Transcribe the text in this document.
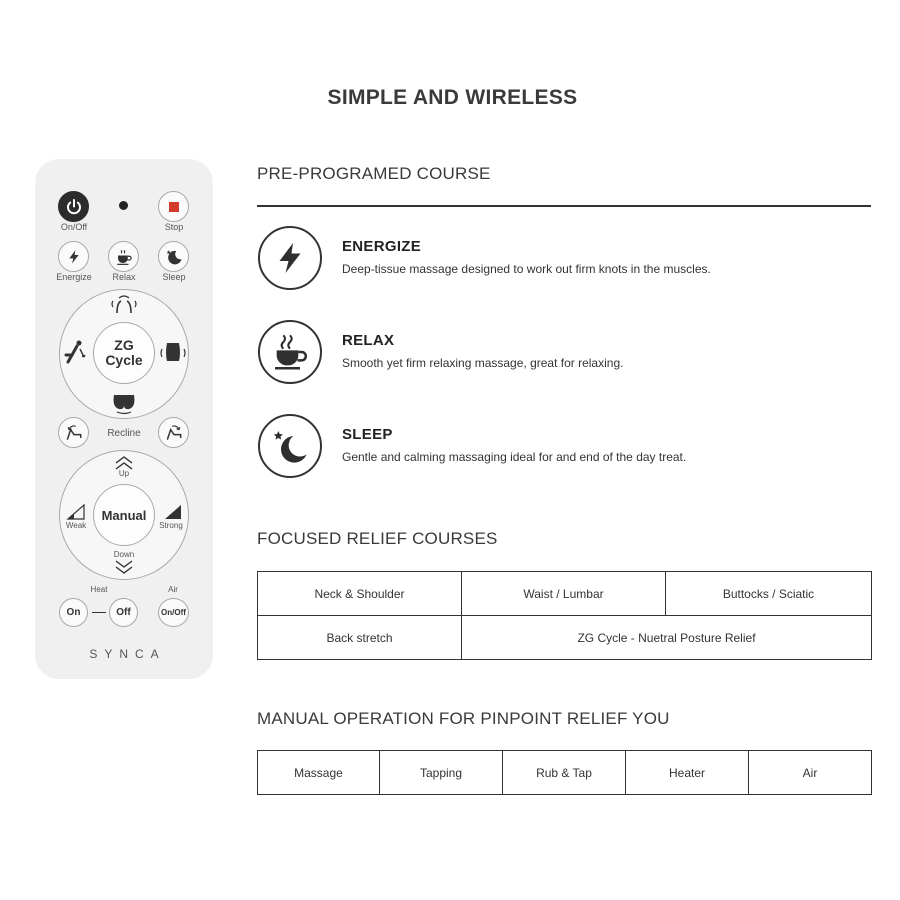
SIMPLE AND WIRELESS
On/Off	Stop
Energize	Relax	Sleep
ZG
Cycle
Recline
Manual
Up
Down
Weak	Strong
Heat	Air
On	Off	On/Off
SYNCA
PRE-PROGRAMED COURSE
ENERGIZE
Deep-tissue massage designed to work out firm knots in the muscles.
RELAX
Smooth yet firm relaxing massage, great for relaxing.
SLEEP
Gentle and calming massaging ideal for and end of the day treat.
FOCUSED RELIEF COURSES
Neck & Shoulder	Waist / Lumbar	Buttocks / Sciatic
Back stretch	ZG Cycle - Nuetral Posture Relief	
MANUAL OPERATION FOR PINPOINT RELIEF YOU
Massage	Tapping	Rub & Tap	Heater	Air
